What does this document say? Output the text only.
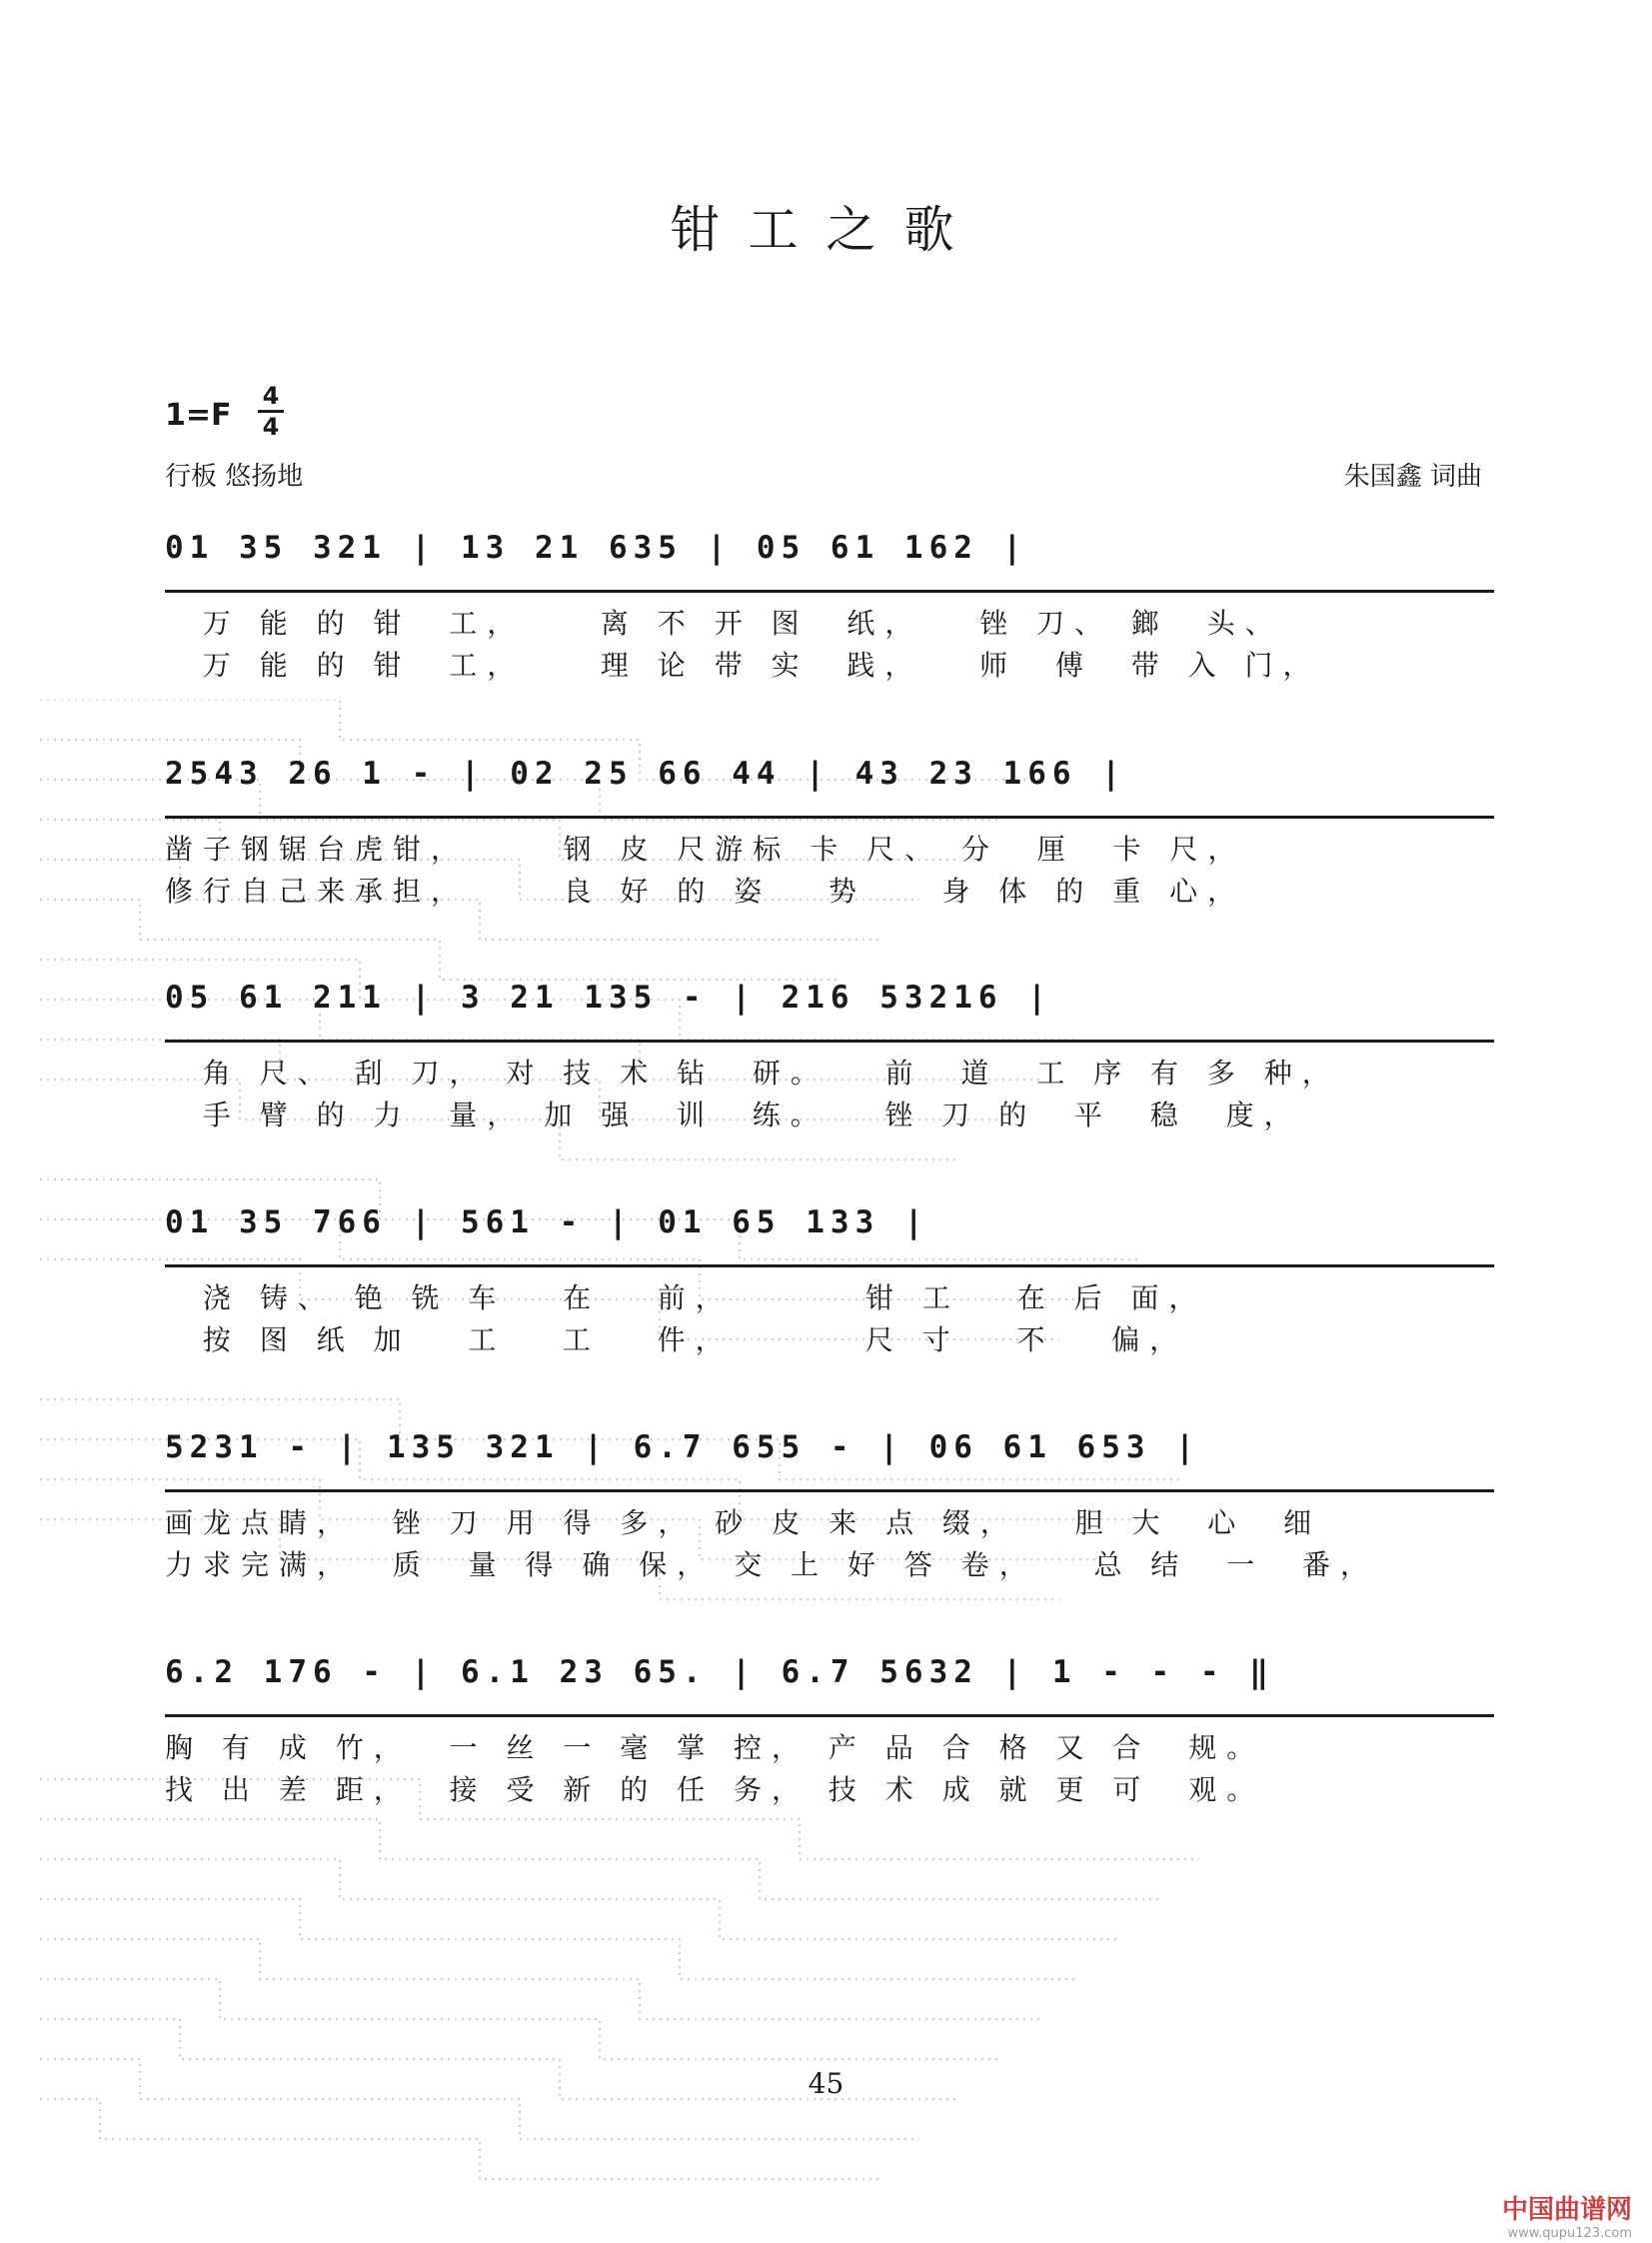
钳工之歌
1=F
4
4
行板 悠扬地	朱国鑫 词曲
01 35 321 | 13 21 635 | 05 61 162 |
万 能 的 钳  工，    离 不 开 图  纸，   锉 刀、 鎯  头、
万 能 的 钳  工，    理 论 带 实  践，   师  傅  带 入 门，
2543 26 1 - | 02 25 66 44 | 43 23 166 |
凿子钢锯台虎钳，     钢 皮 尺游标 卡 尺、 分  厘  卡 尺，
修行自己来承担，     良 好 的 姿   势    身 体 的 重 心，
05 61 211 | 3 21 135 - | 216 53216 |
角 尺、 刮 刀， 对 技 术 钻  研。   前  道  工 序 有 多 种，
手 臂 的 力  量， 加 强  训  练。   锉 刀 的  平  稳  度，
01 35 766 | 561 - | 01 65 133 |
浇 铸、 铯 铣 车   在   前，       钳 工   在 后 面，
按 图 纸 加   工   工   件，       尺 寸   不   偏，
5231 - | 135 321 | 6.7 655 - | 06 61 653 |
画龙点睛，  锉 刀 用 得 多， 砂 皮 来 点 缀，   胆 大  心  细
力求完满，  质  量 得 确 保， 交 上 好 答 卷，   总 结  一  番，
6.2 176 - | 6.1 23 65. | 6.7 5632 | 1 - - - ‖
胸 有 成 竹，  一 丝 一 毫 掌 控， 产 品 合 格 又 合  规。
找 出 差 距，  接 受 新 的 任 务， 技 术 成 就 更 可  观。
45
中国曲谱网
www.qupu123.com
